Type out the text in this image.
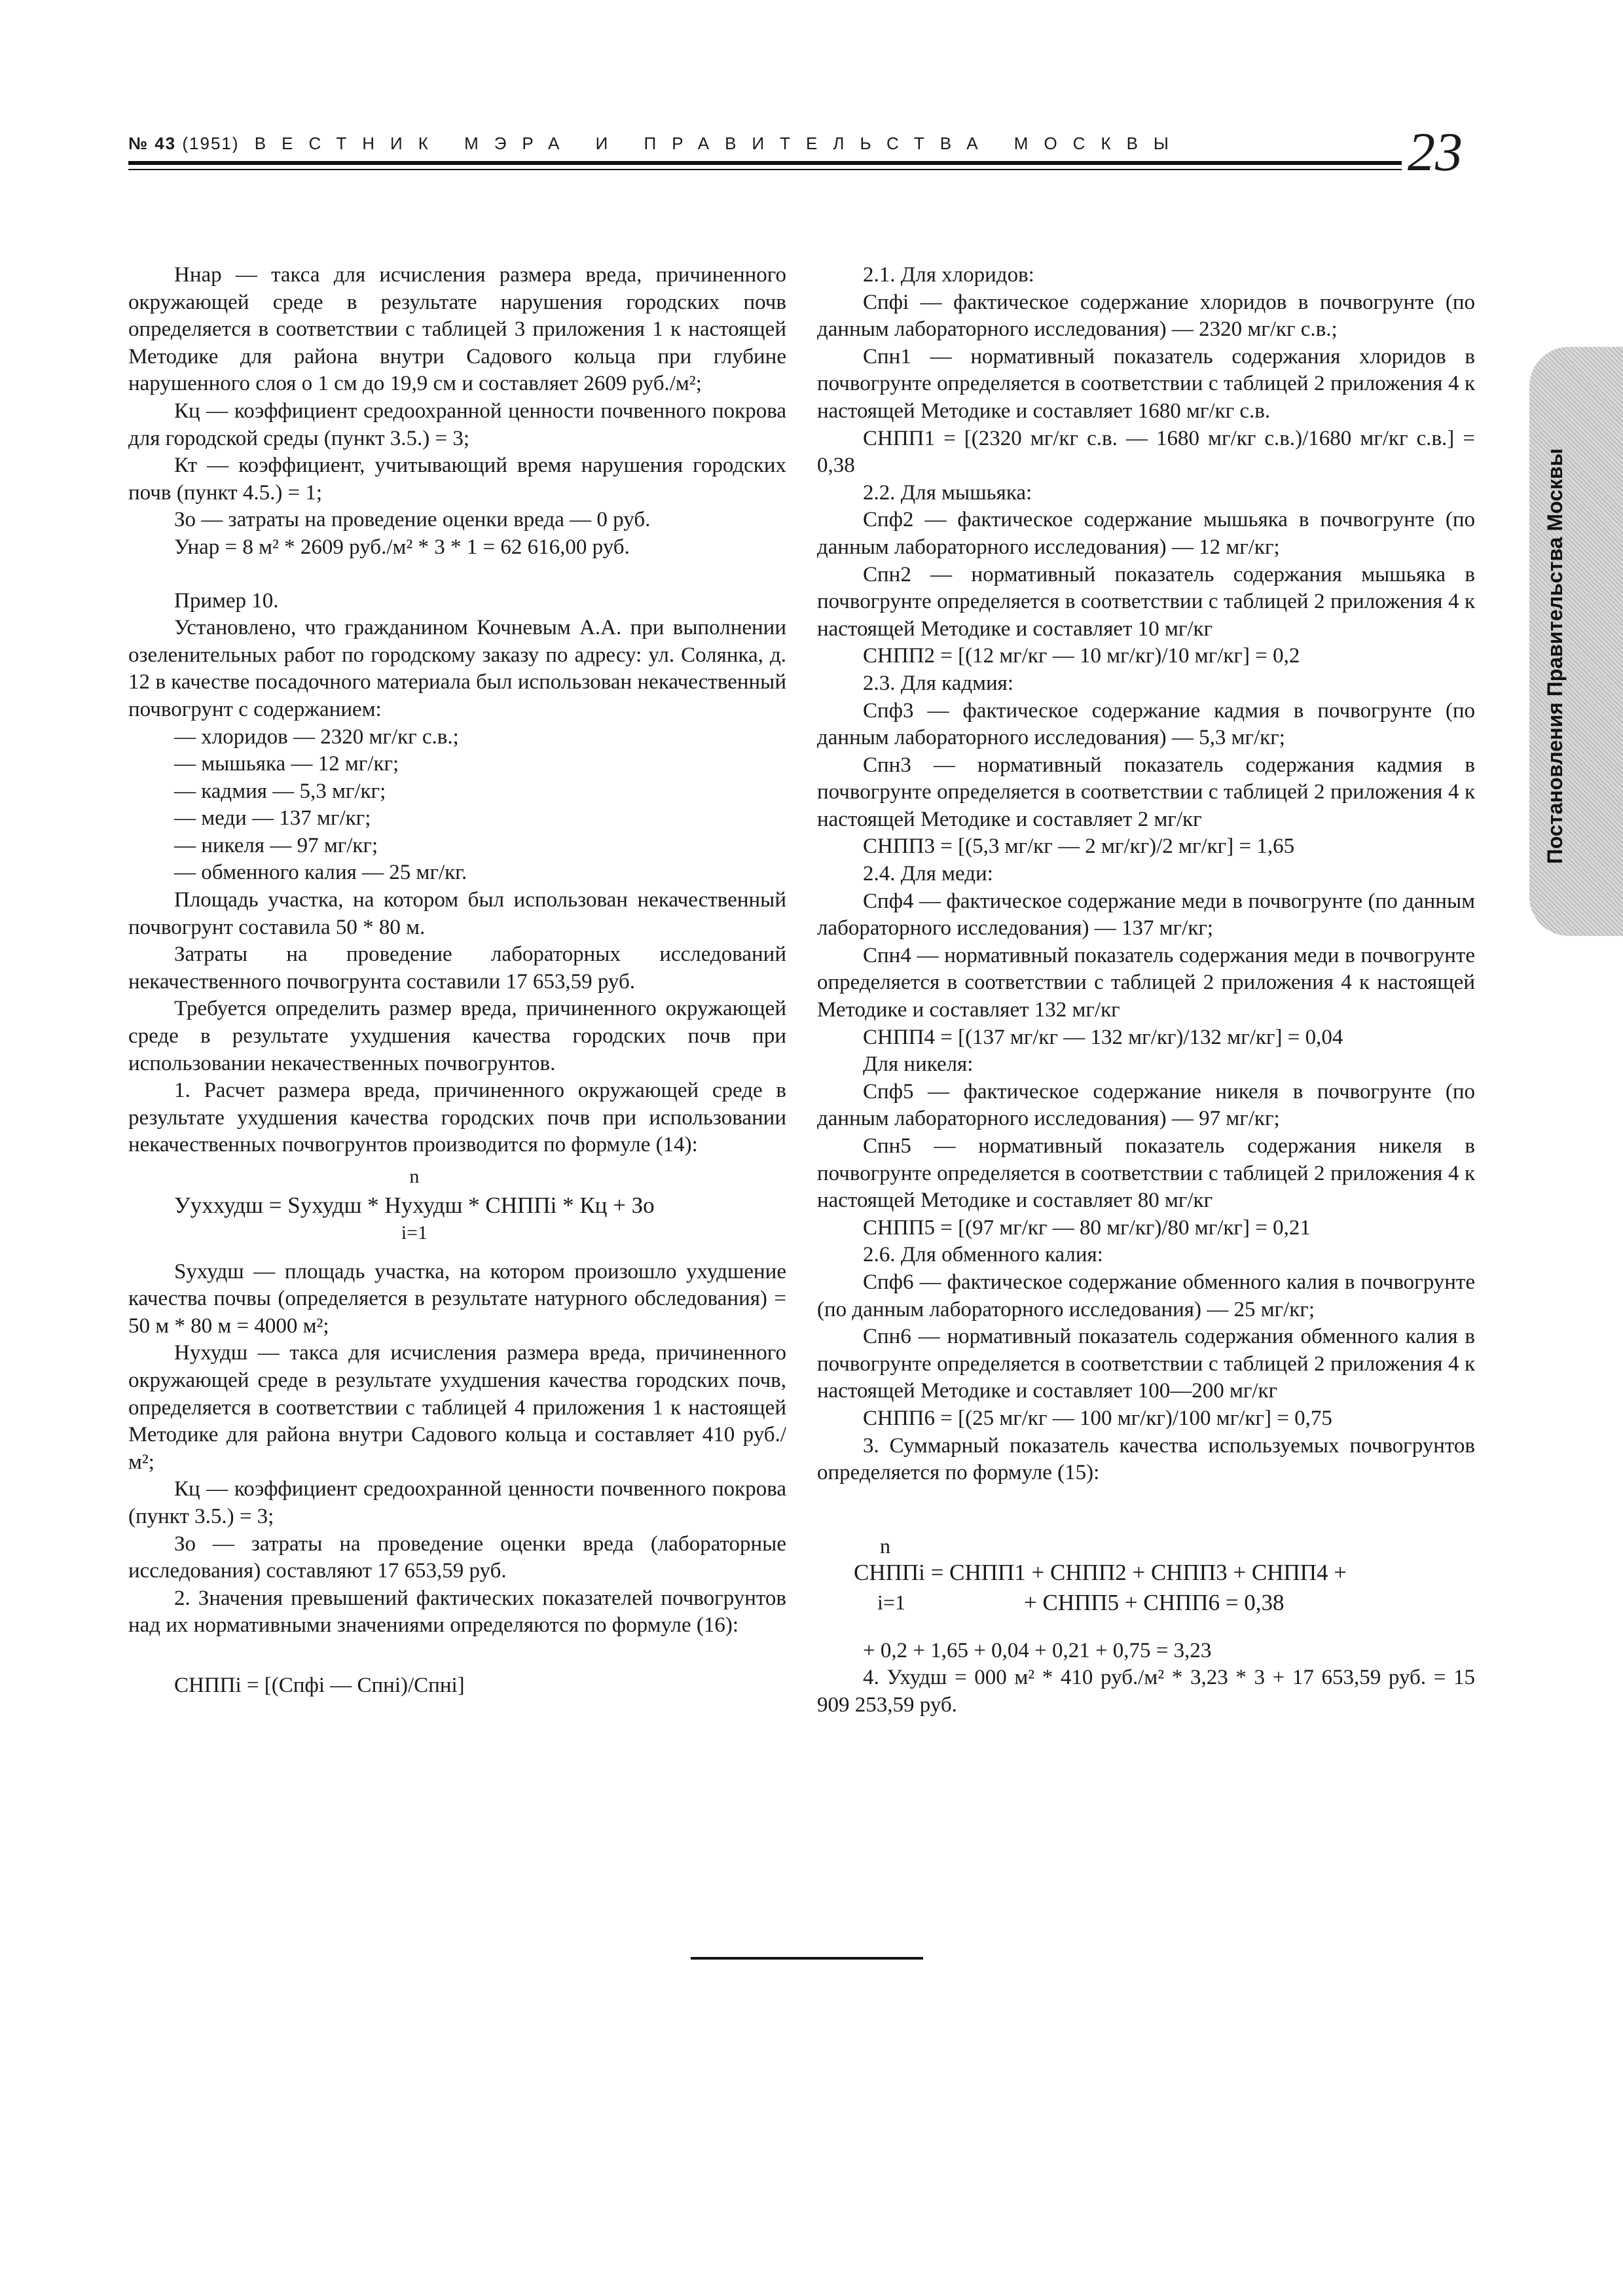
№ 43 (1951) ВЕСТНИК МЭРА И ПРАВИТЕЛЬСТВА МОСКВЫ	23
Постановления Правительства Москвы

Ннар — такса для исчисления размера вреда, причиненного окружающей среде в результате нарушения городских почв определяется в соответствии с таблицей 3 приложения 1 к настоящей Методике для района внутри Садового кольца при глубине нарушенного слоя о 1 см до 19,9 см и составляет 2609 руб./м²;

Кц — коэффициент средоохранной ценности почвенного покрова для городской среды (пункт 3.5.) = 3;

Кт — коэффициент, учитывающий время нарушения городских почв (пункт 4.5.) = 1;

Зо — затраты на проведение оценки вреда — 0 руб.

Унар = 8 м² * 2609 руб./м² * 3 * 1 = 62 616,00 руб.

Пример 10.

Установлено, что гражданином Кочневым А.А. при выполнении озеленительных работ по городскому заказу по адресу: ул. Солянка, д. 12 в качестве посадочного материала был использован некачественный почвогрунт с содержанием:

— хлоридов — 2320 мг/кг с.в.;

— мышьяка — 12 мг/кг;

— кадмия — 5,3 мг/кг;

— меди — 137 мг/кг;

— никеля — 97 мг/кг;

— обменного калия — 25 мг/кг.

Площадь участка, на котором был использован некачественный почвогрунт составила 50 * 80 м.

Затраты на проведение лабораторных исследований некачественного почвогрунта составили 17 653,59 руб.

Требуется определить размер вреда, причиненного окружающей среде в результате ухудшения качества городских почв при использовании некачественных почвогрунтов.

1. Расчет размера вреда, причиненного окружающей среде в результате ухудшения качества городских почв при использовании некачественных почвогрунтов производится по формуле (14):

n
Ууххудш = Sухудш * Нухудш * СНППi * Кц + Зо
i=1

Sухудш — площадь участка, на котором произошло ухудшение качества почвы (определяется в результате натурного обследования) = 50 м * 80 м = 4000 м²;

Нухудш — такса для исчисления размера вреда, причиненного окружающей среде в результате ухудшения качества городских почв, определяется в соответствии с таблицей 4 приложения 1 к настоящей Методике для района внутри Садового кольца и составляет 410 руб./м²;

Кц — коэффициент средоохранной ценности почвенного покрова (пункт 3.5.) = 3;

Зо — затраты на проведение оценки вреда (лабораторные исследования) составляют 17 653,59 руб.

2. Значения превышений фактических показателей почвогрунтов над их нормативными значениями определяются по формуле (16):

СНППi = [(Спфi — Спнi)/Спнi]

2.1. Для хлоридов:

Спфi — фактическое содержание хлоридов в почвогрунте (по данным лабораторного исследования) — 2320 мг/кг с.в.;

Спн1 — нормативный показатель содержания хлоридов в почвогрунте определяется в соответствии с таблицей 2 приложения 4 к настоящей Методике и составляет 1680 мг/кг с.в.

СНПП1 = [(2320 мг/кг с.в. — 1680 мг/кг с.в.)/1680 мг/кг с.в.] = 0,38

2.2. Для мышьяка:

Спф2 — фактическое содержание мышьяка в почвогрунте (по данным лабораторного исследования) — 12 мг/кг;

Спн2 — нормативный показатель содержания мышьяка в почвогрунте определяется в соответствии с таблицей 2 приложения 4 к настоящей Методике и составляет 10 мг/кг

СНПП2 = [(12 мг/кг — 10 мг/кг)/10 мг/кг] = 0,2

2.3. Для кадмия:

Спф3 — фактическое содержание кадмия в почвогрунте (по данным лабораторного исследования) — 5,3 мг/кг;

Спн3 — нормативный показатель содержания кадмия в почвогрунте определяется в соответствии с таблицей 2 приложения 4 к настоящей Методике и составляет 2 мг/кг

СНПП3 = [(5,3 мг/кг — 2 мг/кг)/2 мг/кг] = 1,65

2.4. Для меди:

Спф4 — фактическое содержание меди в почвогрунте (по данным лабораторного исследования) — 137 мг/кг;

Спн4 — нормативный показатель содержания меди в почвогрунте определяется в соответствии с таблицей 2 приложения 4 к настоящей Методике и составляет 132 мг/кг

СНПП4 = [(137 мг/кг — 132 мг/кг)/132 мг/кг] = 0,04

Для никеля:

Спф5 — фактическое содержание никеля в почвогрунте (по данным лабораторного исследования) — 97 мг/кг;

Спн5 — нормативный показатель содержания никеля в почвогрунте определяется в соответствии с таблицей 2 приложения 4 к настоящей Методике и составляет 80 мг/кг

СНПП5 = [(97 мг/кг — 80 мг/кг)/80 мг/кг] = 0,21

2.6. Для обменного калия:

Спф6 — фактическое содержание обменного калия в почвогрунте (по данным лабораторного исследования) — 25 мг/кг;

Спн6 — нормативный показатель содержания обменного калия в почвогрунте определяется в соответствии с таблицей 2 приложения 4 к настоящей Методике и составляет 100—200 мг/кг

СНПП6 = [(25 мг/кг — 100 мг/кг)/100 мг/кг] = 0,75

3. Суммарный показатель качества используемых почвогрунтов определяется по формуле (15):

n
СНППi = СНПП1 + СНПП2 + СНПП3 + СНПП4 +
i=1	+ СНПП5 + СНПП6 = 0,38

+ 0,2 + 1,65 + 0,04 + 0,21 + 0,75 = 3,23

4. Ухудш = 000 м² * 410 руб./м² * 3,23 * 3 + 17 653,59 руб. = 15 909 253,59 руб.
